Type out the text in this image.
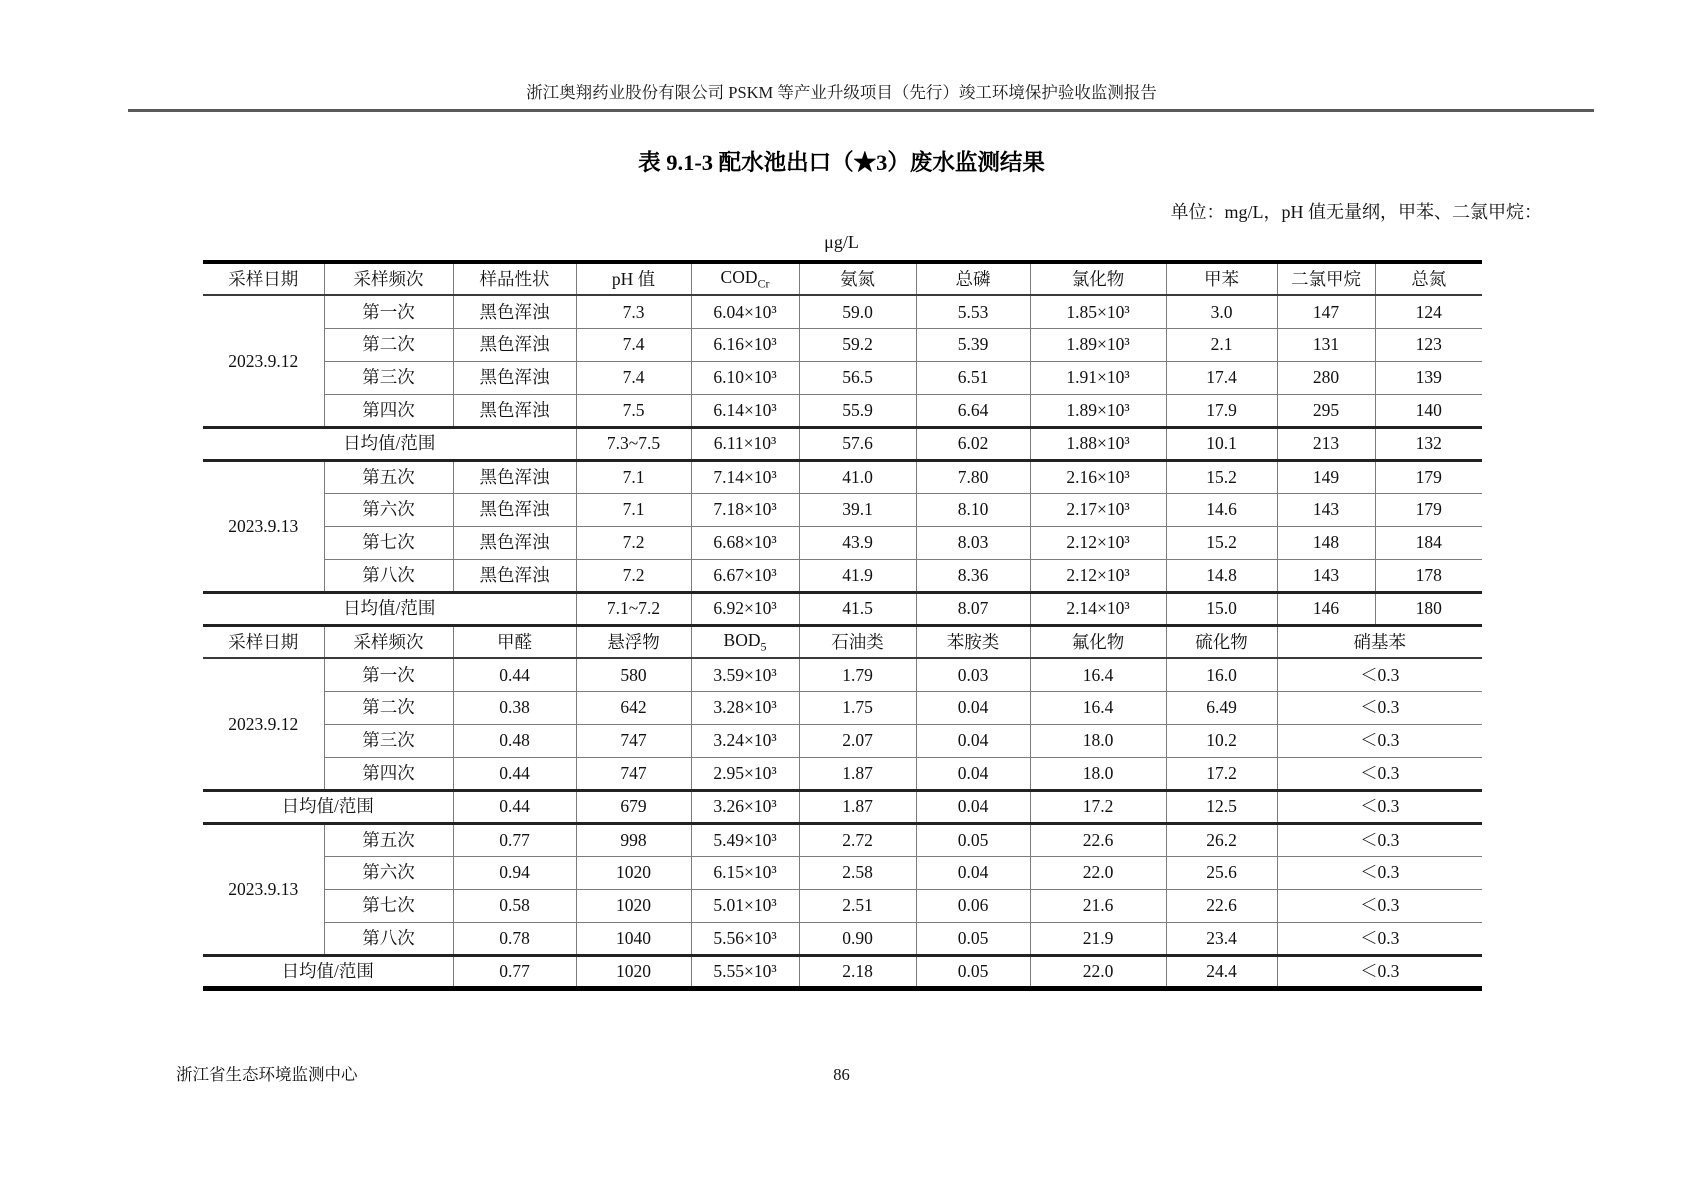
浙江奥翔药业股份有限公司 PSKM 等产业升级项目（先行）竣工环境保护验收监测报告
表 9.1-3 配水池出口（★3）废水监测结果
单位：mg/L，pH 值无量纲，甲苯、二氯甲烷：
μg/L
采样日期	采样频次	样品性状	pH 值	$COD_{Cr}$	氨氮	总磷	氯化物	甲苯	二氯甲烷	总氮
2023.9.12	第一次	黑色浑浊	7.3	6.04×10³	59.0	5.53	1.85×10³	3.0	147	124
	第二次	黑色浑浊	7.4	6.16×10³	59.2	5.39	1.89×10³	2.1	131	123
	第三次	黑色浑浊	7.4	6.10×10³	56.5	6.51	1.91×10³	17.4	280	139
	第四次	黑色浑浊	7.5	6.14×10³	55.9	6.64	1.89×10³	17.9	295	140
日均值/范围			7.3~7.5	6.11×10³	57.6	6.02	1.88×10³	10.1	213	132
2023.9.13	第五次	黑色浑浊	7.1	7.14×10³	41.0	7.80	2.16×10³	15.2	149	179
	第六次	黑色浑浊	7.1	7.18×10³	39.1	8.10	2.17×10³	14.6	143	179
	第七次	黑色浑浊	7.2	6.68×10³	43.9	8.03	2.12×10³	15.2	148	184
	第八次	黑色浑浊	7.2	6.67×10³	41.9	8.36	2.12×10³	14.8	143	178
日均值/范围			7.1~7.2	6.92×10³	41.5	8.07	2.14×10³	15.0	146	180
采样日期	采样频次	甲醛	悬浮物	$BOD_5$	石油类	苯胺类	氟化物	硫化物	硝基苯	
2023.9.12	第一次	0.44	580	3.59×10³	1.79	0.03	16.4	16.0	＜0.3	
	第二次	0.38	642	3.28×10³	1.75	0.04	16.4	6.49	＜0.3	
	第三次	0.48	747	3.24×10³	2.07	0.04	18.0	10.2	＜0.3	
	第四次	0.44	747	2.95×10³	1.87	0.04	18.0	17.2	＜0.3	
日均值/范围		0.44	679	3.26×10³	1.87	0.04	17.2	12.5	＜0.3	
2023.9.13	第五次	0.77	998	5.49×10³	2.72	0.05	22.6	26.2	＜0.3	
	第六次	0.94	1020	6.15×10³	2.58	0.04	22.0	25.6	＜0.3	
	第七次	0.58	1020	5.01×10³	2.51	0.06	21.6	22.6	＜0.3	
	第八次	0.78	1040	5.56×10³	0.90	0.05	21.9	23.4	＜0.3	
日均值/范围		0.77	1020	5.55×10³	2.18	0.05	22.0	24.4	＜0.3	
浙江省生态环境监测中心	86
